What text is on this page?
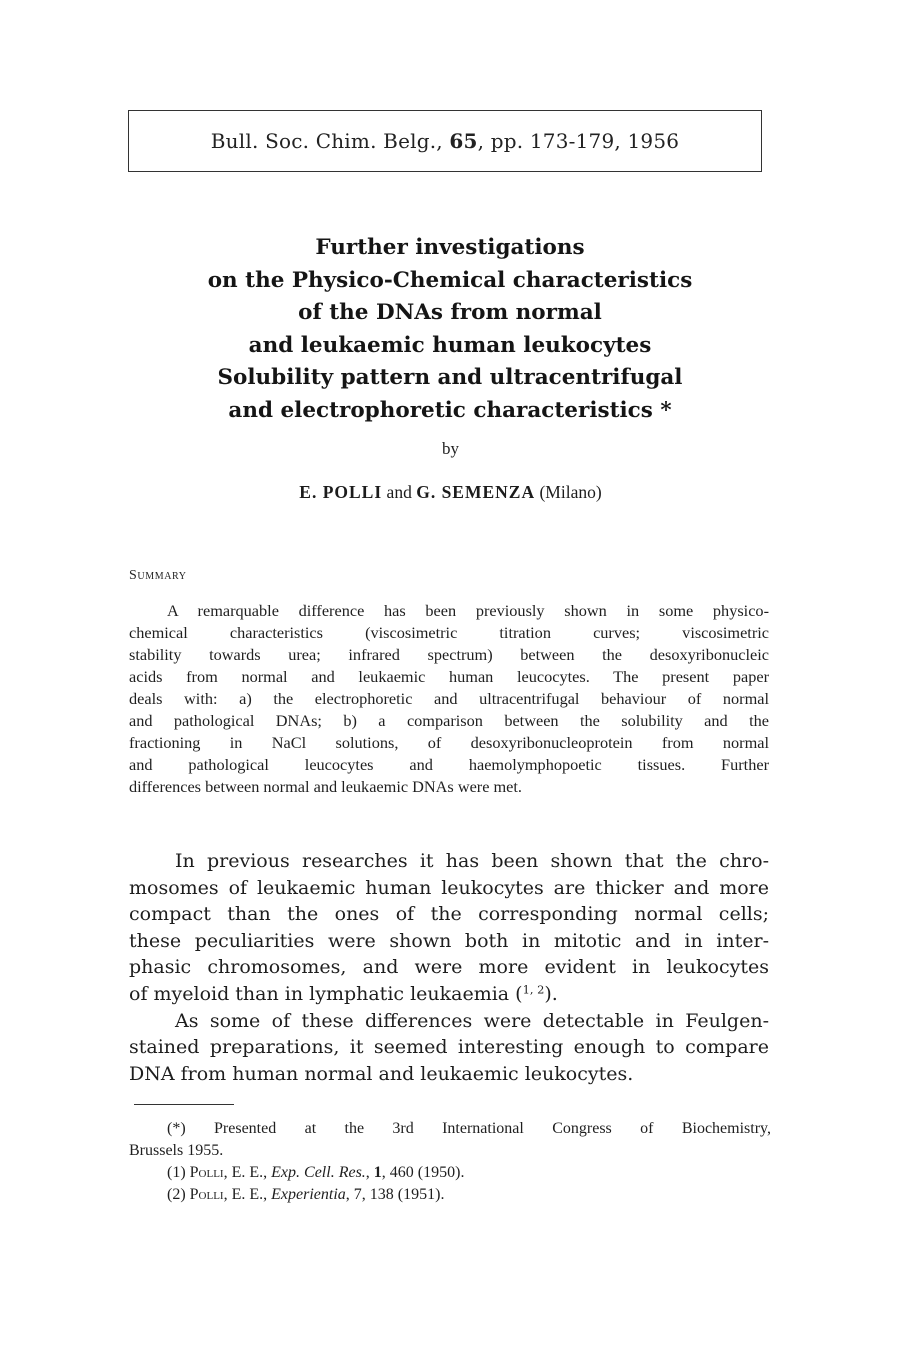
Bull. Soc. Chim. Belg.,
65 , pp. 173-179, 1956
Further investigations
on the Physico-Chemical characteristics
of the DNAs from normal
and leukaemic human leukocytes
Solubility pattern and ultracentrifugal
and electrophoretic characteristics *
by
E. POLLI and G. SEMENZA (Milano)
Summary
A remarquable difference has been previously shown in some physico-
chemical characteristics (viscosimetric titration curves; viscosimetric
stability towards urea; infrared spectrum) between the desoxyribonucleic
acids from normal and leukaemic human leucocytes. The present paper
deals with: a) the electrophoretic and ultracentrifugal behaviour of normal
and pathological DNAs; b) a comparison between the solubility and the
fractioning in NaCl solutions, of desoxyribonucleoprotein from normal
and pathological leucocytes and haemolymphopoetic tissues. Further
differences between normal and leukaemic DNAs were met.
In previous researches it has been shown that the chro-
mosomes of leukaemic human leukocytes are thicker and more
compact than the ones of the corresponding normal cells;
these peculiarities were shown both in mitotic and in inter-
phasic chromosomes, and were more evident in leukocytes
of myeloid than in lymphatic leukaemia ($^{1, 2}$).
As some of these differences were detectable in Feulgen-
stained preparations, it seemed interesting enough to compare
DNA from human normal and leukaemic leukocytes.
(*) Presented at the 3rd International Congress of Biochemistry,
Brussels 1955.
(1) Polli, E. E., Exp. Cell. Res., 1, 460 (1950).
(2) Polli, E. E., Experientia, 7, 138 (1951).
